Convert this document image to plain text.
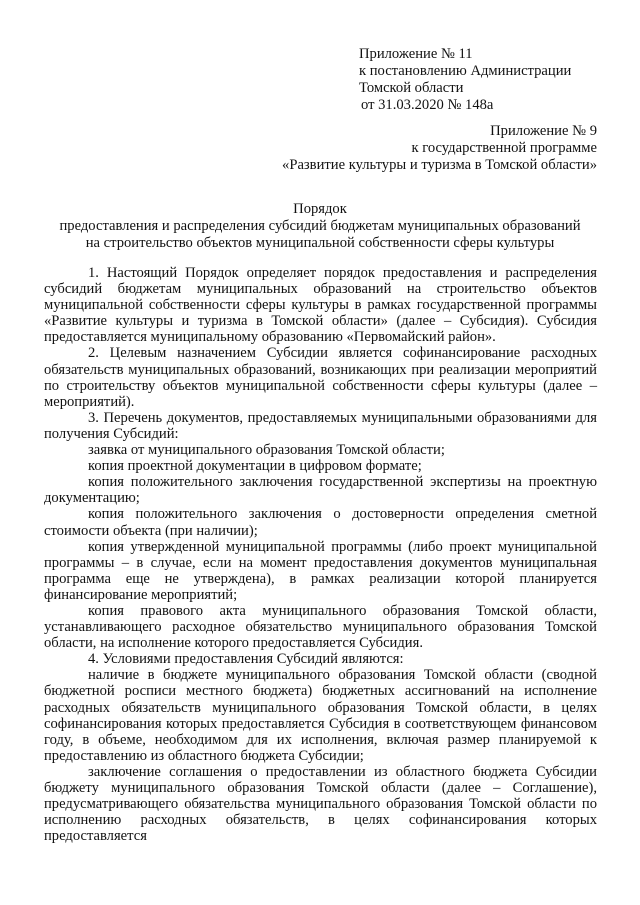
Приложение № 11
к постановлению Администрации
Томской области
от 31.03.2020 № 148а
Приложение № 9
к государственной программе
«Развитие культуры и туризма в Томской области»
Порядок
предоставления и распределения субсидий бюджетам муниципальных образований
на строительство объектов муниципальной собственности сферы культуры

1. Настоящий Порядок определяет порядок предоставления и распределения субсидий бюджетам муниципальных образований на строительство объектов муниципальной собственности сферы культуры в рамках государственной программы «Развитие культуры и туризма в Томской области» (далее – Субсидия). Субсидия предоставляется муниципальному образованию «Первомайский район».

2. Целевым назначением Субсидии является софинансирование расходных обязательств муниципальных образований, возникающих при реализации мероприятий по строительству объектов муниципальной собственности сферы культуры (далее – мероприятий).

3. Перечень документов, предоставляемых муниципальными образованиями для получения Субсидий:

заявка от муниципального образования Томской области;

копия проектной документации в цифровом формате;

копия положительного заключения государственной экспертизы на проектную документацию;

копия положительного заключения о достоверности определения сметной стоимости объекта (при наличии);

копия утвержденной муниципальной программы (либо проект муниципальной программы – в случае, если на момент предоставления документов муниципальная программа еще не утверждена), в рамках реализации которой планируется финансирование мероприятий;

копия правового акта муниципального образования Томской области, устанавливающего расходное обязательство муниципального образования Томской области, на исполнение которого предоставляется Субсидия.

4. Условиями предоставления Субсидий являются:

наличие в бюджете муниципального образования Томской области (сводной бюджетной росписи местного бюджета) бюджетных ассигнований на исполнение расходных обязательств муниципального образования Томской области, в целях софинансирования которых предоставляется Субсидия в соответствующем финансовом году, в объеме, необходимом для их исполнения, включая размер планируемой к предоставлению из областного бюджета Субсидии;

заключение соглашения о предоставлении из областного бюджета Субсидии бюджету муниципального образования Томской области (далее – Соглашение), предусматривающего обязательства муниципального образования Томской области по исполнению расходных обязательств, в целях софинансирования которых предоставляется
